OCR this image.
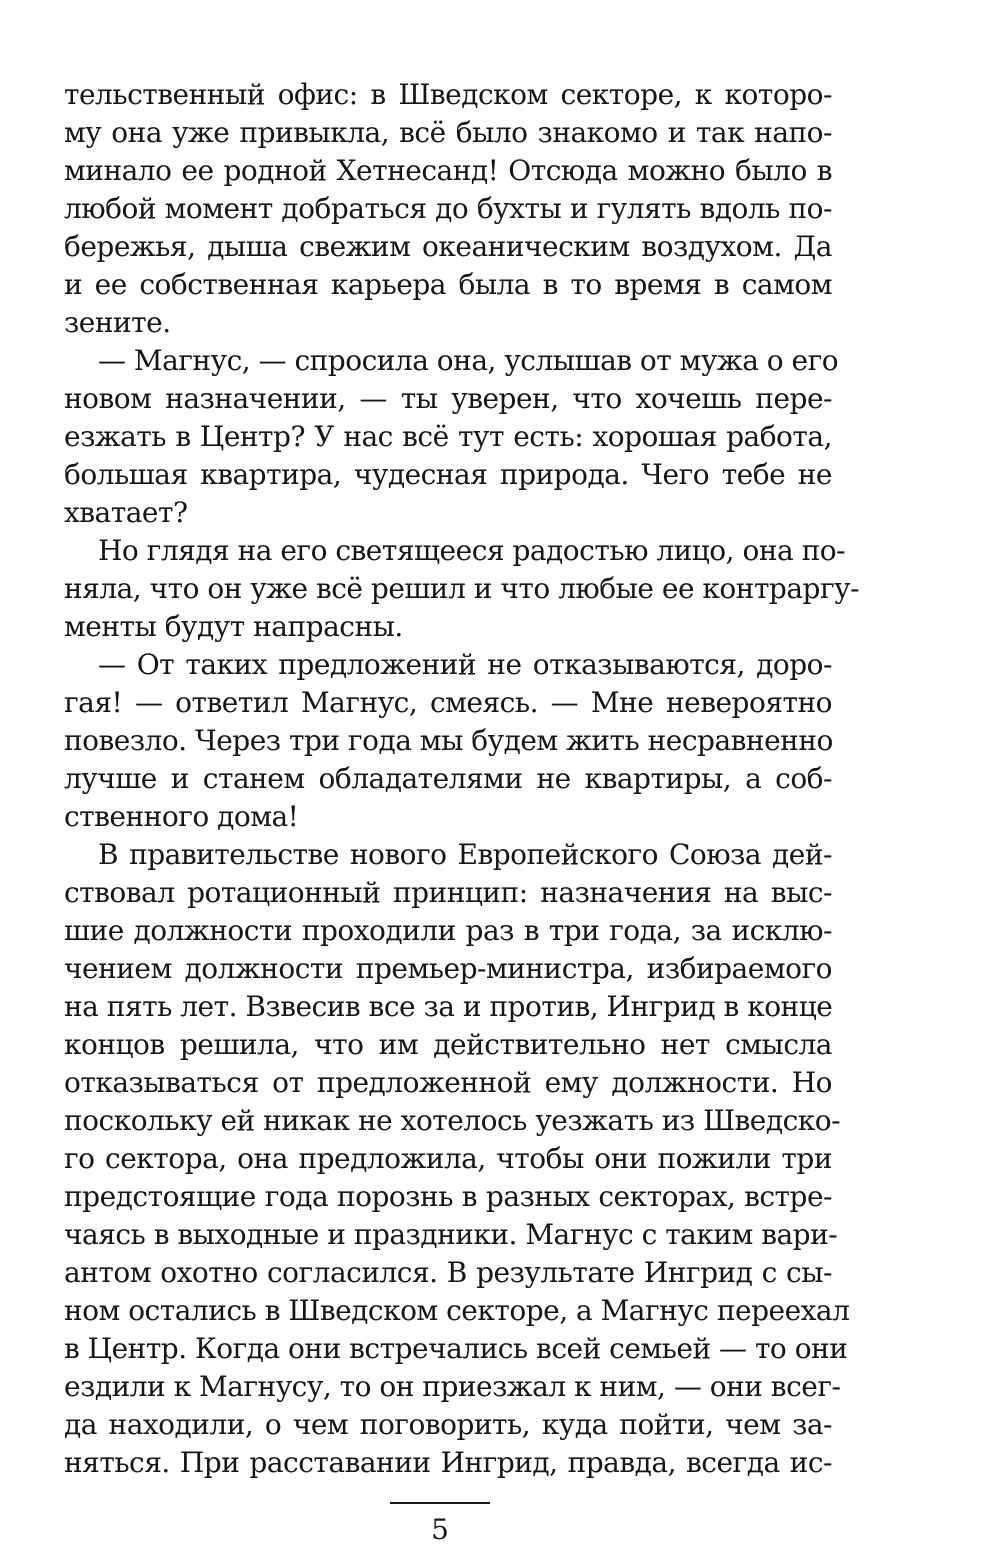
тельственный офис: в Шведском секторе, к которо-
му она уже привыкла, всё было знакомо и так напо-
минало ее родной Хетнесанд! Отсюда можно было в
любой момент добраться до бухты и гулять вдоль по-
бережья, дыша свежим океаническим воздухом. Да
и ее собственная карьера была в то время в самом
зените.
— Магнус, — спросила она, услышав от мужа о его
новом назначении, — ты уверен, что хочешь пере-
езжать в Центр? У нас всё тут есть: хорошая работа,
большая квартира, чудесная природа. Чего тебе не
хватает?
Но глядя на его светящееся радостью лицо, она по-
няла, что он уже всё решил и что любые ее контраргу-
менты будут напрасны.
— От таких предложений не отказываются, доро-
гая! — ответил Магнус, смеясь. — Мне невероятно
повезло. Через три года мы будем жить несравненно
лучше и станем обладателями не квартиры, а соб-
ственного дома!
В правительстве нового Европейского Союза дей-
ствовал ротационный принцип: назначения на выс-
шие должности проходили раз в три года, за исклю-
чением должности премьер-министра, избираемого
на пять лет. Взвесив все за и против, Ингрид в конце
концов решила, что им действительно нет смысла
отказываться от предложенной ему должности. Но
поскольку ей никак не хотелось уезжать из Шведско-
го сектора, она предложила, чтобы они пожили три
предстоящие года порознь в разных секторах, встре-
чаясь в выходные и праздники. Магнус с таким вари-
антом охотно согласился. В результате Ингрид с сы-
ном остались в Шведском секторе, а Магнус переехал
в Центр. Когда они встречались всей семьей — то они
ездили к Магнусу, то он приезжал к ним, — они всег-
да находили, о чем поговорить, куда пойти, чем за-
няться. При расставании Ингрид, правда, всегда ис-
5
